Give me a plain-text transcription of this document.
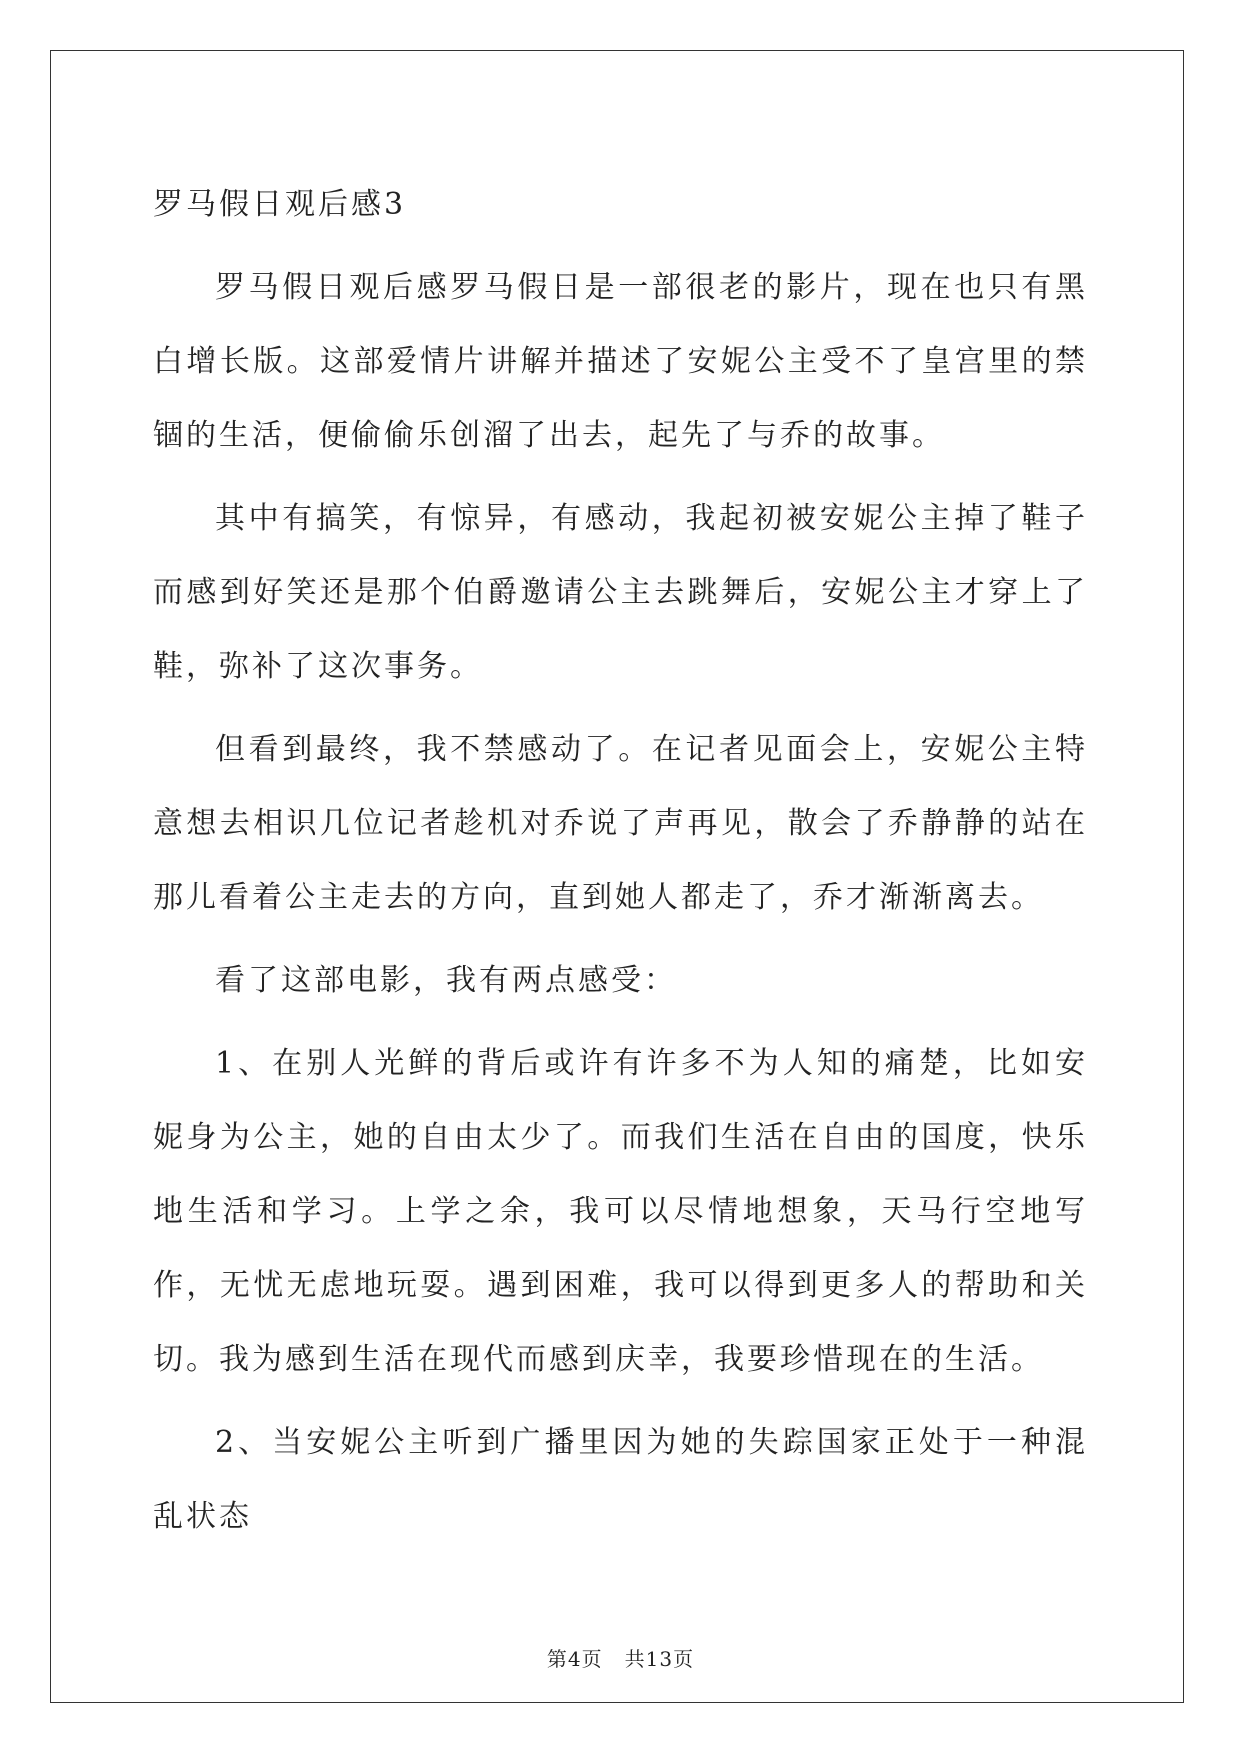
罗马假日观后感3

罗马假日观后感罗马假日是一部很老的影片，现在也只有黑白增长版。这部爱情片讲解并描述了安妮公主受不了皇宫里的禁锢的生活，便偷偷乐创溜了出去，起先了与乔的故事。

其中有搞笑，有惊异，有感动，我起初被安妮公主掉了鞋子而感到好笑还是那个伯爵邀请公主去跳舞后，安妮公主才穿上了鞋，弥补了这次事务。

但看到最终，我不禁感动了。在记者见面会上，安妮公主特意想去相识几位记者趁机对乔说了声再见，散会了乔静静的站在那儿看着公主走去的方向，直到她人都走了，乔才渐渐离去。

看了这部电影，我有两点感受：

1、在别人光鲜的背后或许有许多不为人知的痛楚，比如安妮身为公主，她的自由太少了。而我们生活在自由的国度，快乐地生活和学习。上学之余，我可以尽情地想象，天马行空地写作，无忧无虑地玩耍。遇到困难，我可以得到更多人的帮助和关切。我为感到生活在现代而感到庆幸，我要珍惜现在的生活。

2、当安妮公主听到广播里因为她的失踪国家正处于一种混乱状态

第4页 共13页
